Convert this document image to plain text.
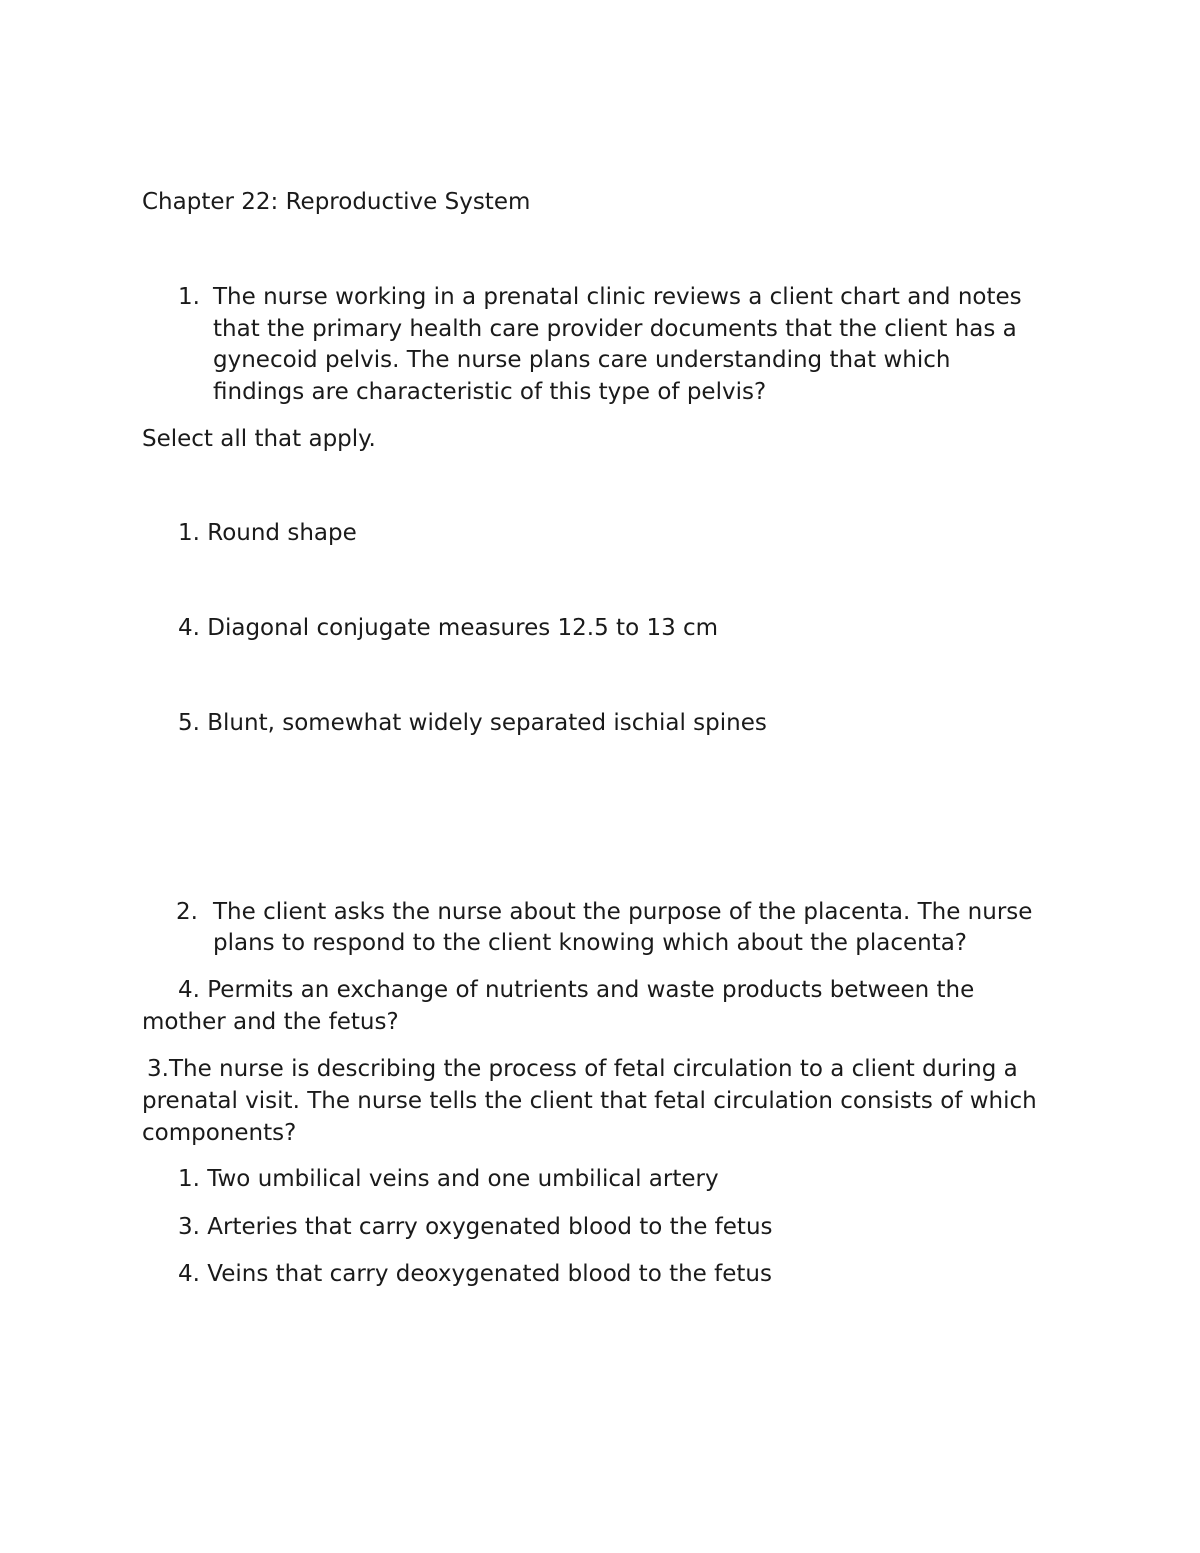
Chapter 22: Reproductive System
1. The nurse working in a prenatal clinic reviews a client chart and notes
that the primary health care provider documents that the client has a
gynecoid pelvis. The nurse plans care understanding that which
findings are characteristic of this type of pelvis?
Select all that apply.
1. Round shape
4. Diagonal conjugate measures 12.5 to 13 cm
5. Blunt, somewhat widely separated ischial spines
2. The client asks the nurse about the purpose of the placenta. The nurse
plans to respond to the client knowing which about the placenta?
4. Permits an exchange of nutrients and waste products between the
mother and the fetus?
3.The nurse is describing the process of fetal circulation to a client during a
prenatal visit. The nurse tells the client that fetal circulation consists of which
components?
1. Two umbilical veins and one umbilical artery
3. Arteries that carry oxygenated blood to the fetus
4. Veins that carry deoxygenated blood to the fetus
